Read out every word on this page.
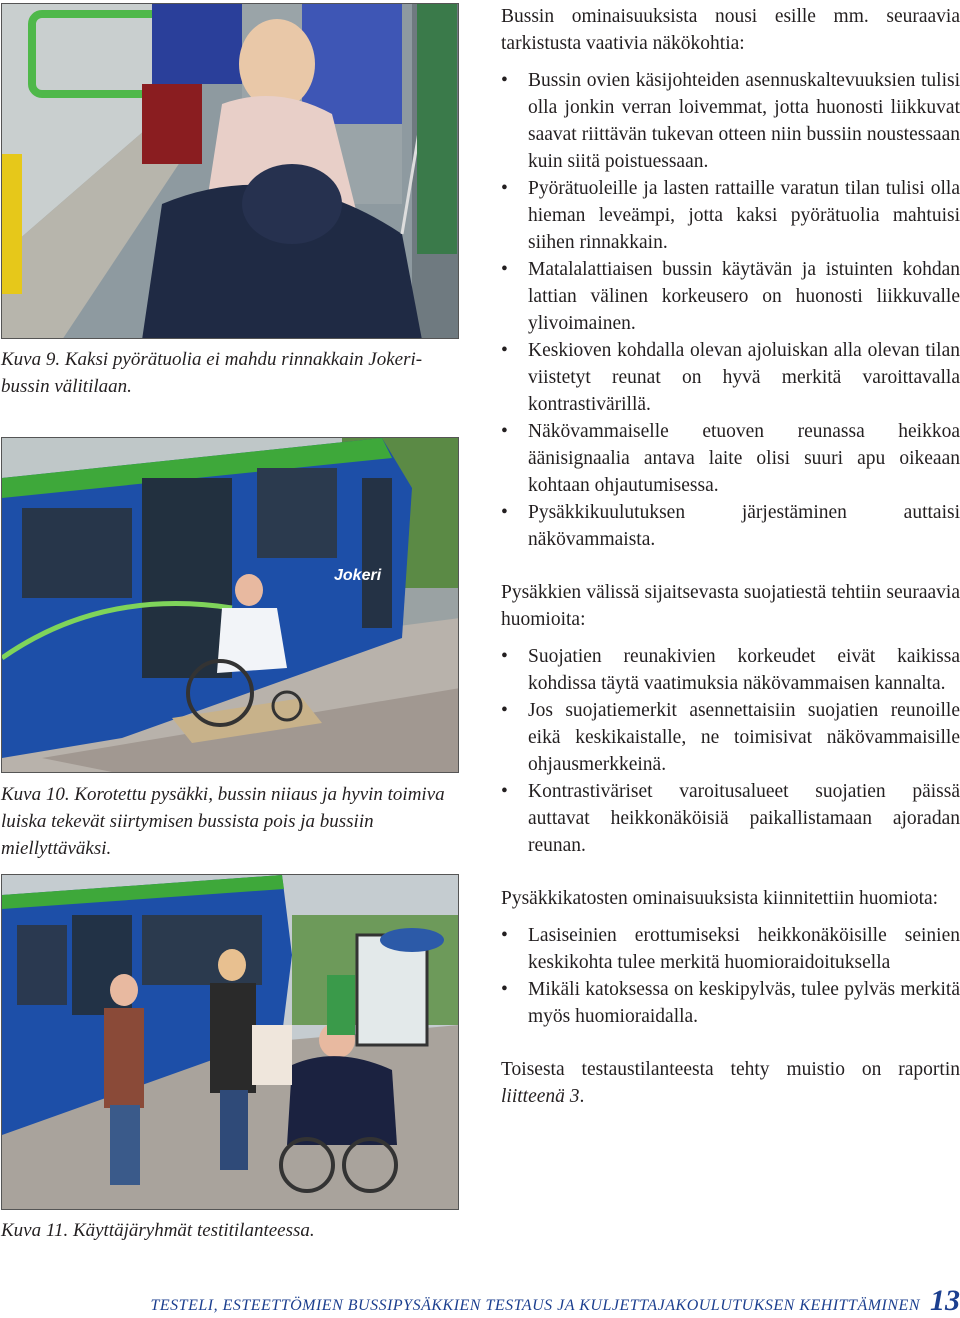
Kuva 9. Kaksi pyörätuolia ei mahdu rinnakkain Jokeri-bussin välitilaan.
Jokeri
Kuva 10. Korotettu pysäkki, bussin niiaus ja hyvin toimiva luiska tekevät siirtymisen bussista pois ja bussiin miellyttäväksi.
Kuva 11. Käyttäjäryhmät testitilanteessa.

Bussin ominaisuuksista nousi esille mm. seuraavia tarkistusta vaativia näkökohtia:

• Bussin ovien käsijohteiden asennuskaltevuuksien tulisi olla jonkin verran loivemmat, jotta huonosti liikkuvat saavat riittävän tukevan otteen niin bussiin noustessaan kuin siitä poistuessaan.
• Pyörätuoleille ja lasten rattaille varatun tilan tulisi olla hieman leveämpi, jotta kaksi pyörätuolia mahtuisi siihen rinnakkain.
• Matalalattiaisen bussin käytävän ja istuinten kohdan lattian välinen korkeusero on huonosti liikkuvalle ylivoimainen.
• Keskioven kohdalla olevan ajoluiskan alla olevan tilan viistetyt reunat on hyvä merkitä varoittavalla kontrastivärillä.
• Näkövammaiselle etuoven reunassa heikkoa äänisignaalia antava laite olisi suuri apu oikeaan kohtaan ohjautumisessa.
• Pysäkkikuulutuksen järjestäminen auttaisi näkövammaista.

Pysäkkien välissä sijaitsevasta suojatiestä tehtiin seuraavia huomioita:

• Suojatien reunakivien korkeudet eivät kaikissa kohdissa täytä vaatimuksia näkövammaisen kannalta.
• Jos suojatiemerkit asennettaisiin suojatien reunoille eikä keskikaistalle, ne toimisivat näkövammaisille ohjausmerkkeinä.
• Kontrastiväriset varoitusalueet suojatien päissä auttavat heikkonäköisiä paikallistamaan ajoradan reunan.

Pysäkkikatosten ominaisuuksista kiinnitettiin huomiota:

• Lasiseinien erottumiseksi heikkonäköisille seinien keskikohta tulee merkitä huomioraidoituksella
• Mikäli katoksessa on keskipylväs, tulee pylväs merkitä myös huomioraidalla.

Toisesta testaustilanteesta tehty muistio on raportin liitteenä 3.

TESTELI, ESTEETTÖMIEN BUSSIPYSÄKKIEN TESTAUS JA KULJETTAJAKOULUTUKSEN KEHITTÄMINEN 13
